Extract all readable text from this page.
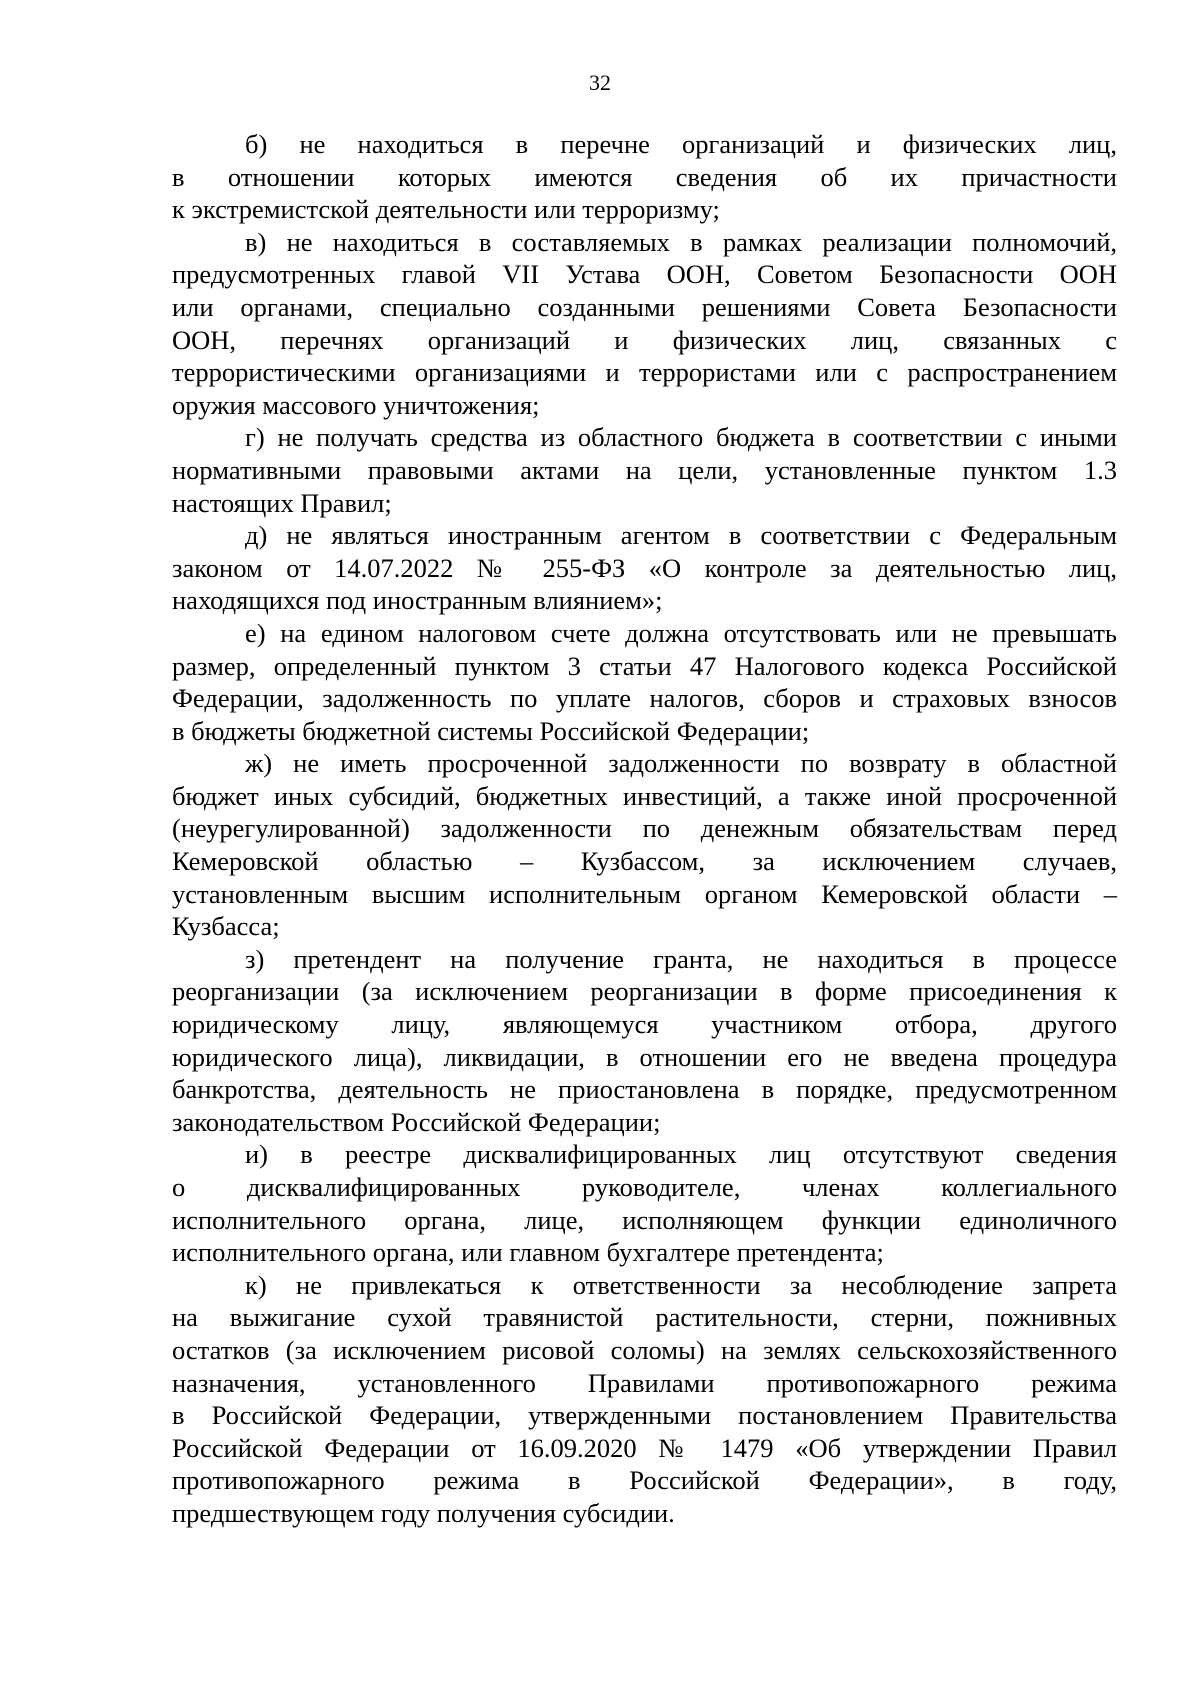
32
б) не находиться в перечне организаций и физических лиц,
в отношении которых имеются сведения об их причастности
к экстремистской деятельности или терроризму;
в) не находиться в составляемых в рамках реализации полномочий,
предусмотренных главой VII Устава ООН, Советом Безопасности ООН
или органами, специально созданными решениями Совета Безопасности
ООН, перечнях организаций и физических лиц, связанных с
террористическими организациями и террористами или с распространением
оружия массового уничтожения;
г) не получать средства из областного бюджета в соответствии с иными
нормативными правовыми актами на цели, установленные пунктом 1.3
настоящих Правил;
д) не являться иностранным агентом в соответствии с Федеральным
законом от 14.07.2022 № 255-ФЗ «О контроле за деятельностью лиц,
находящихся под иностранным влиянием»;
е) на едином налоговом счете должна отсутствовать или не превышать
размер, определенный пунктом 3 статьи 47 Налогового кодекса Российской
Федерации, задолженность по уплате налогов, сборов и страховых взносов
в бюджеты бюджетной системы Российской Федерации;
ж) не иметь просроченной задолженности по возврату в областной
бюджет иных субсидий, бюджетных инвестиций, а также иной просроченной
(неурегулированной) задолженности по денежным обязательствам перед
Кемеровской областью – Кузбассом, за исключением случаев,
установленным высшим исполнительным органом Кемеровской области –
Кузбасса;
з) претендент на получение гранта, не находиться в процессе
реорганизации (за исключением реорганизации в форме присоединения к
юридическому лицу, являющемуся участником отбора, другого
юридического лица), ликвидации, в отношении его не введена процедура
банкротства, деятельность не приостановлена в порядке, предусмотренном
законодательством Российской Федерации;
и) в реестре дисквалифицированных лиц отсутствуют сведения
о дисквалифицированных руководителе, членах коллегиального
исполнительного органа, лице, исполняющем функции единоличного
исполнительного органа, или главном бухгалтере претендента;
к) не привлекаться к ответственности за несоблюдение запрета
на выжигание сухой травянистой растительности, стерни, пожнивных
остатков (за исключением рисовой соломы) на землях сельскохозяйственного
назначения, установленного Правилами противопожарного режима
в Российской Федерации, утвержденными постановлением Правительства
Российской Федерации от 16.09.2020 № 1479 «Об утверждении Правил
противопожарного режима в Российской Федерации», в году,
предшествующем году получения субсидии.
